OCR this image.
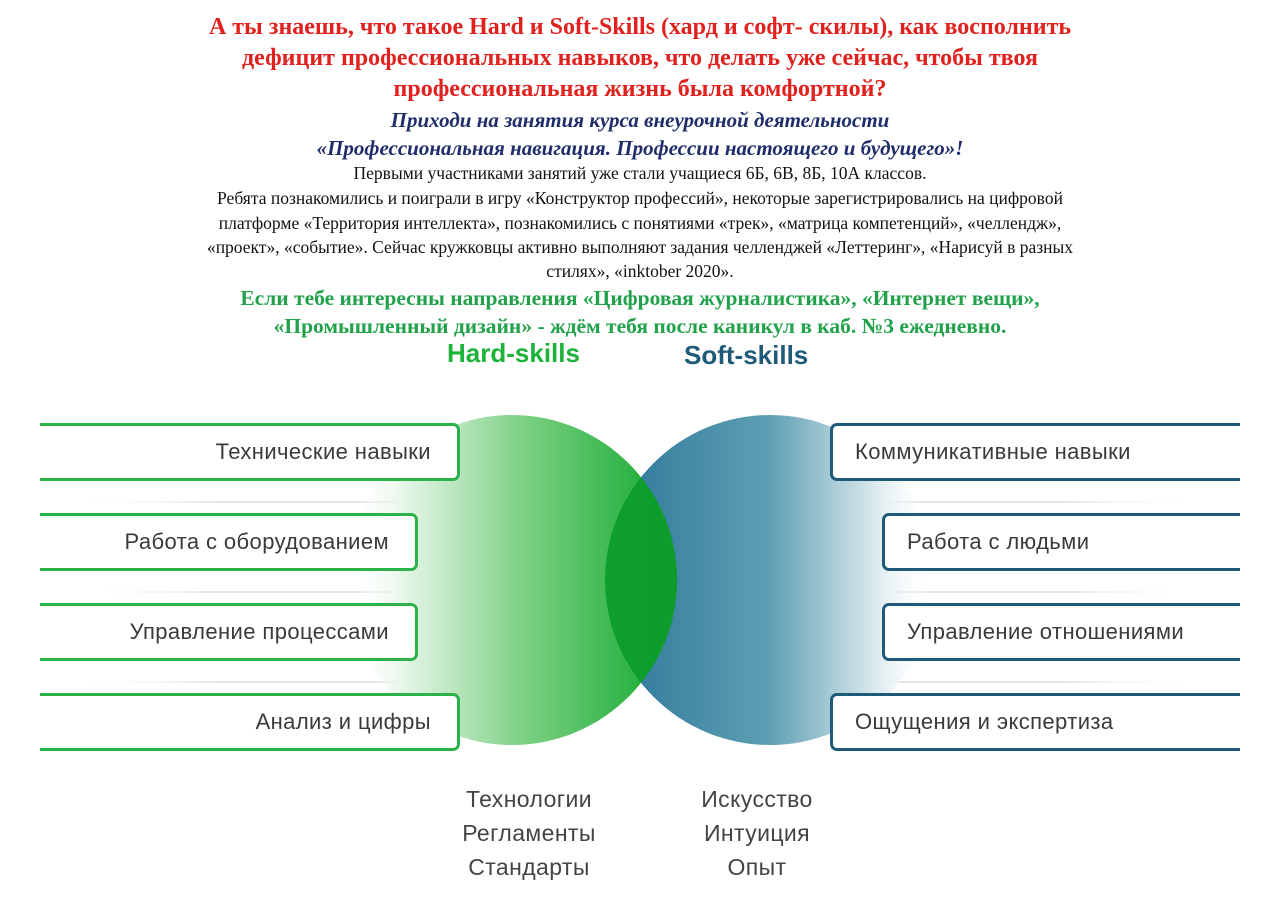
А ты знаешь, что такое Hard и Soft-Skills (хард и софт- скилы), как восполнить
дефицит профессиональных навыков, что делать уже сейчас, чтобы твоя
профессиональная жизнь была комфортной?
Приходи на занятия курса внеурочной деятельности
«Профессиональная навигация. Профессии настоящего и будущего»!
Первыми участниками занятий уже стали учащиеся 6Б, 6В, 8Б, 10А классов.
Ребята познакомились и поиграли в игру «Конструктор профессий», некоторые зарегистрировались на цифровой
платформе «Территория интеллекта», познакомились с понятиями «трек», «матрица компетенций», «челлендж»,
«проект», «событие». Сейчас кружковцы активно выполняют задания челленджей «Леттеринг», «Нарисуй в разных
стилях», «inktober 2020».
Если тебе интересны направления «Цифровая журналистика», «Интернет вещи»,
«Промышленный дизайн» - ждём тебя после каникул в каб. №3 ежедневно.
Hard-skills	Soft-skills
Технические навыки
Работа с оборудованием
Управление процессами
Анализ и цифры
Коммуникативные навыки
Работа с людьми
Управление отношениями
Ощущения и экспертиза
Технологии
Регламенты
Стандарты
Искусство
Интуиция
Опыт
